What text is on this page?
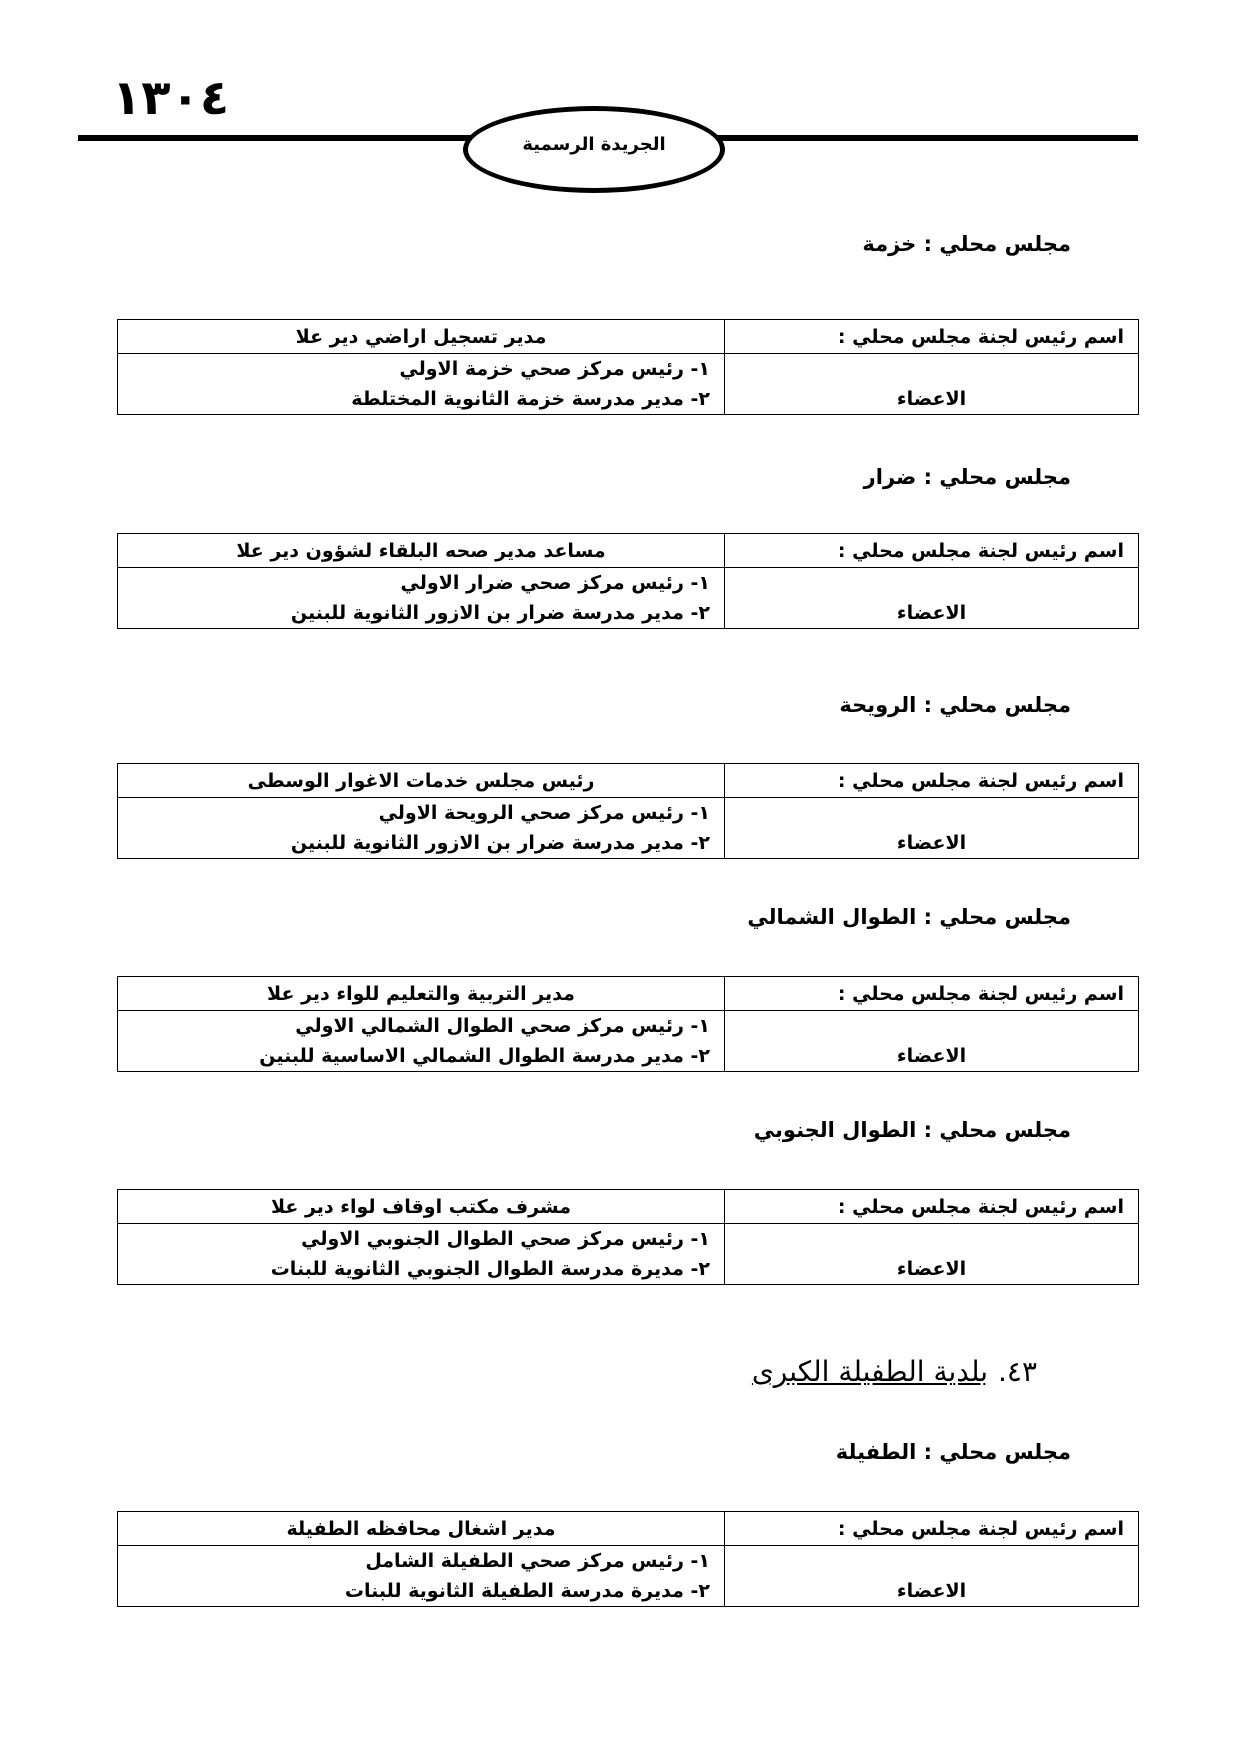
١٣٠٤
الجريدة الرسمية
مجلس محلي : خزمة
اسم رئيس لجنة مجلس محلي :	مدير تسجيل اراضي دير علا
الاعضاء	١- رئيس مركز صحي خزمة الاولي
٢- مدير مدرسة خزمة الثانوية المختلطة
مجلس محلي : ضرار
اسم رئيس لجنة مجلس محلي :	مساعد مدير صحه البلقاء لشؤون دير علا
الاعضاء	١- رئيس مركز صحي ضرار الاولي
٢- مدير مدرسة ضرار بن الازور الثانوية للبنين
مجلس محلي : الرويحة
اسم رئيس لجنة مجلس محلي :	رئيس مجلس خدمات الاغوار الوسطى
الاعضاء	١- رئيس مركز صحي الرويحة الاولي
٢- مدير مدرسة ضرار بن الازور الثانوية للبنين
مجلس محلي : الطوال الشمالي
اسم رئيس لجنة مجلس محلي :	مدير التربية والتعليم للواء دير علا
الاعضاء	١- رئيس مركز صحي الطوال الشمالي الاولي
٢- مدير مدرسة الطوال الشمالي الاساسية للبنين
مجلس محلي : الطوال الجنوبي
اسم رئيس لجنة مجلس محلي :	مشرف مكتب اوقاف لواء دير علا
الاعضاء	١- رئيس مركز صحي الطوال الجنوبي الاولي
٢- مديرة مدرسة الطوال الجنوبي الثانوية للبنات
٤٣.بلدية الطفيلة الكبرى
مجلس محلي : الطفيلة
اسم رئيس لجنة مجلس محلي :	مدير اشغال محافظه الطفيلة
الاعضاء	١- رئيس مركز صحي الطفيلة الشامل
٢- مديرة مدرسة الطفيلة الثانوية للبنات
